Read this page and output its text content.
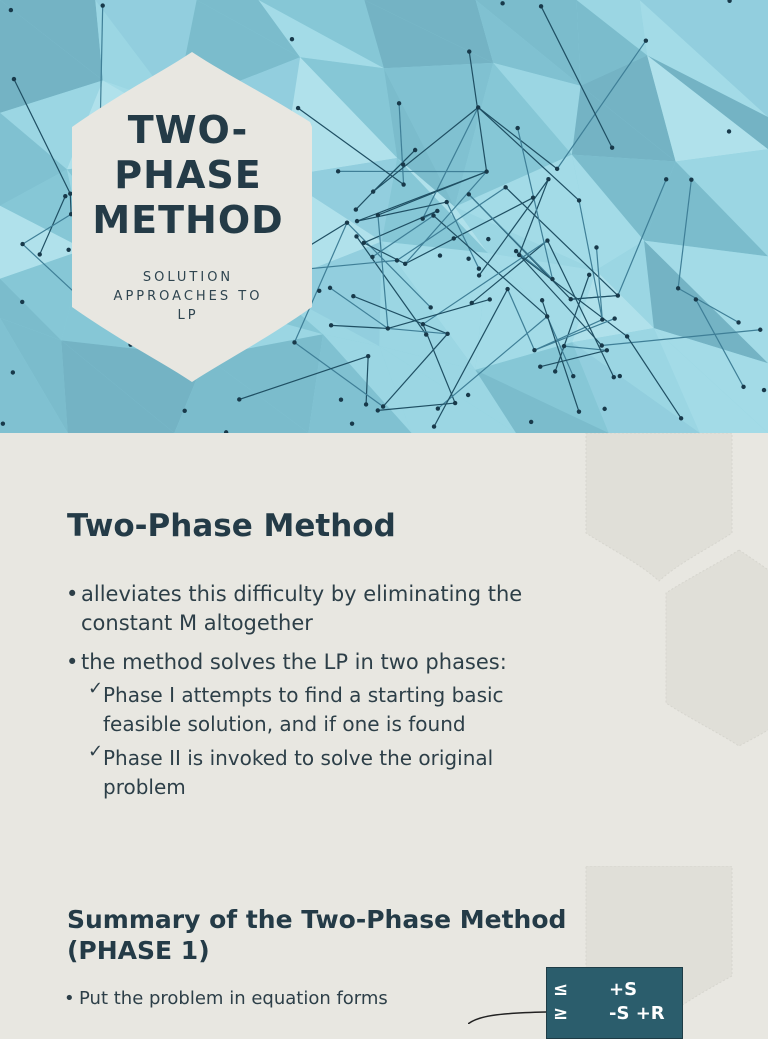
TWO-
PHASE
METHOD
SOLUTION
APPROACHES TO
LP
Two-Phase Method
• alleviates this difficulty by eliminating the
constant M altogether
• the method solves the LP in two phases:
✓ Phase I attempts to find a starting basic
feasible solution, and if one is found
✓ Phase II is invoked to solve the original
problem
Summary of the Two-Phase Method
(PHASE 1)
• Put the problem in equation forms	≤ +S
≥ -S +R
